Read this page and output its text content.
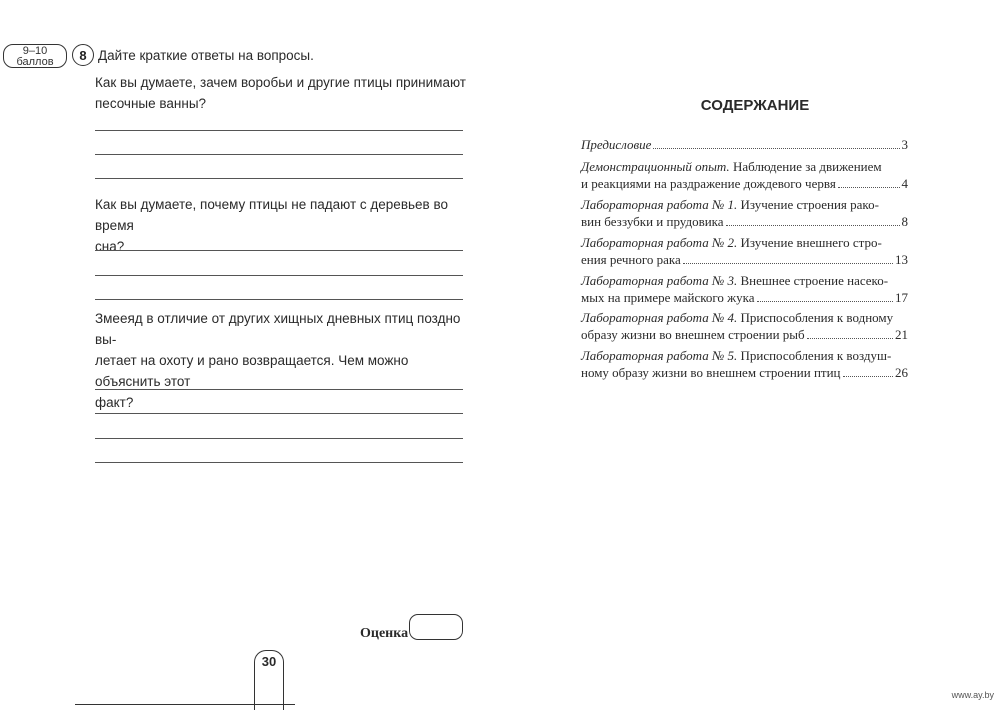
9–10
баллов	8 Дайте краткие ответы на вопросы.
Как вы думаете, зачем воробьи и другие птицы принимают
песочные ванны?
Как вы думаете, почему птицы не падают с деревьев во время
сна?
Змееяд в отличие от других хищных дневных птиц поздно вы-
летает на охоту и рано возвращается. Чем можно объяснить этот
факт?
Оценка
30
СОДЕРЖАНИЕ
Предисловие	3
Демонстрационный опыт. Наблюдение за движением
и реакциями на раздражение дождевого червя	4
Лабораторная работа № 1. Изучение строения рако-
вин беззубки и прудовика	8
Лабораторная работа № 2. Изучение внешнего стро-
ения речного рака	13
Лабораторная работа № 3. Внешнее строение насеко-
мых на примере майского жука	17
Лабораторная работа № 4. Приспособления к водному
образу жизни во внешнем строении рыб	21
Лабораторная работа № 5. Приспособления к воздуш-
ному образу жизни во внешнем строении птиц	26
www.ay.by
